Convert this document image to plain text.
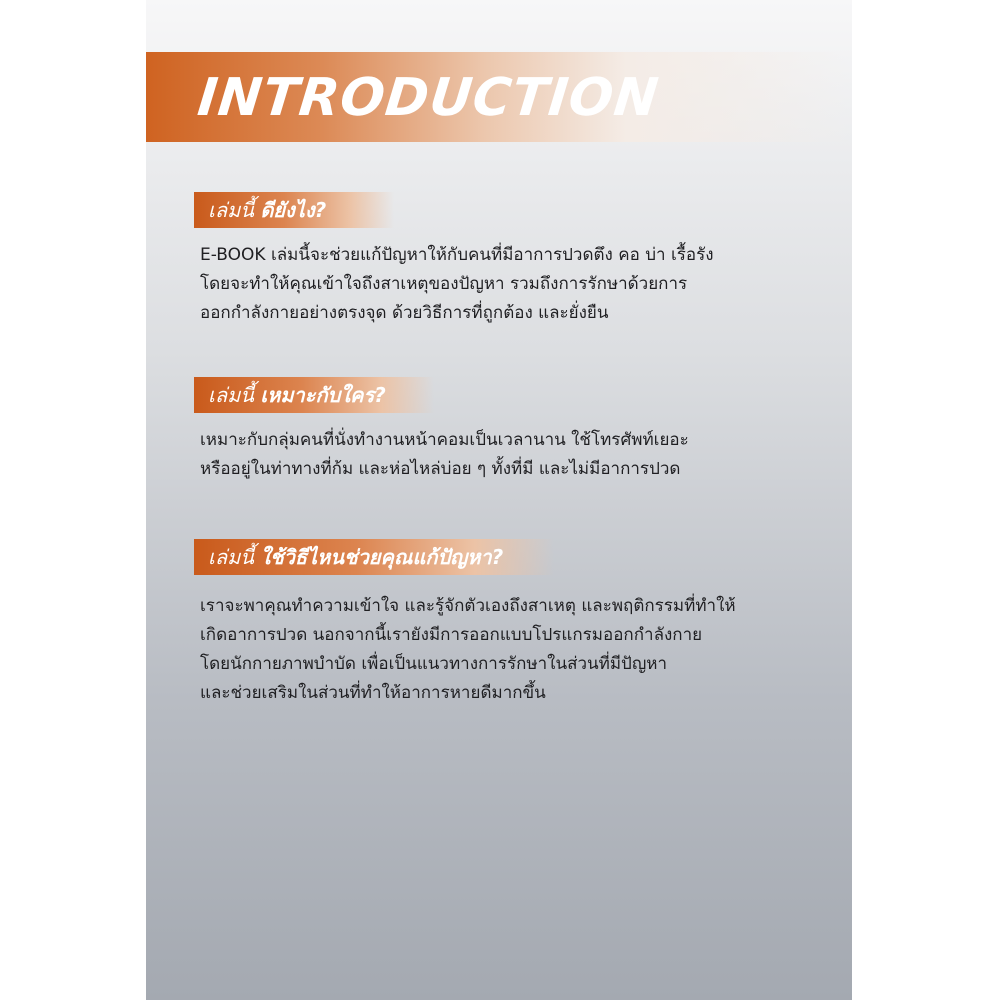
INTRODUCTION
เล่มนี้ ดียังไง?
E-BOOK เล่มนี้จะช่วยแก้ปัญหาให้กับคนที่มีอาการปวดตึง คอ บ่า เรื้อรัง
โดยจะทำให้คุณเข้าใจถึงสาเหตุของปัญหา รวมถึงการรักษาด้วยการ
ออกกำลังกายอย่างตรงจุด ด้วยวิธีการที่ถูกต้อง และยั่งยืน
เล่มนี้ เหมาะกับใคร?
เหมาะกับกลุ่มคนที่นั่งทำงานหน้าคอมเป็นเวลานาน ใช้โทรศัพท์เยอะ
หรืออยู่ในท่าทางที่ก้ม และห่อไหล่บ่อย ๆ ทั้งที่มี และไม่มีอาการปวด
เล่มนี้ ใช้วิธีไหนช่วยคุณแก้ปัญหา?
เราจะพาคุณทำความเข้าใจ และรู้จักตัวเองถึงสาเหตุ และพฤติกรรมที่ทำให้
เกิดอาการปวด นอกจากนี้เรายังมีการออกแบบโปรแกรมออกกำลังกาย
โดยนักกายภาพบำบัด เพื่อเป็นแนวทางการรักษาในส่วนที่มีปัญหา
และช่วยเสริมในส่วนที่ทำให้อาการหายดีมากขึ้น
